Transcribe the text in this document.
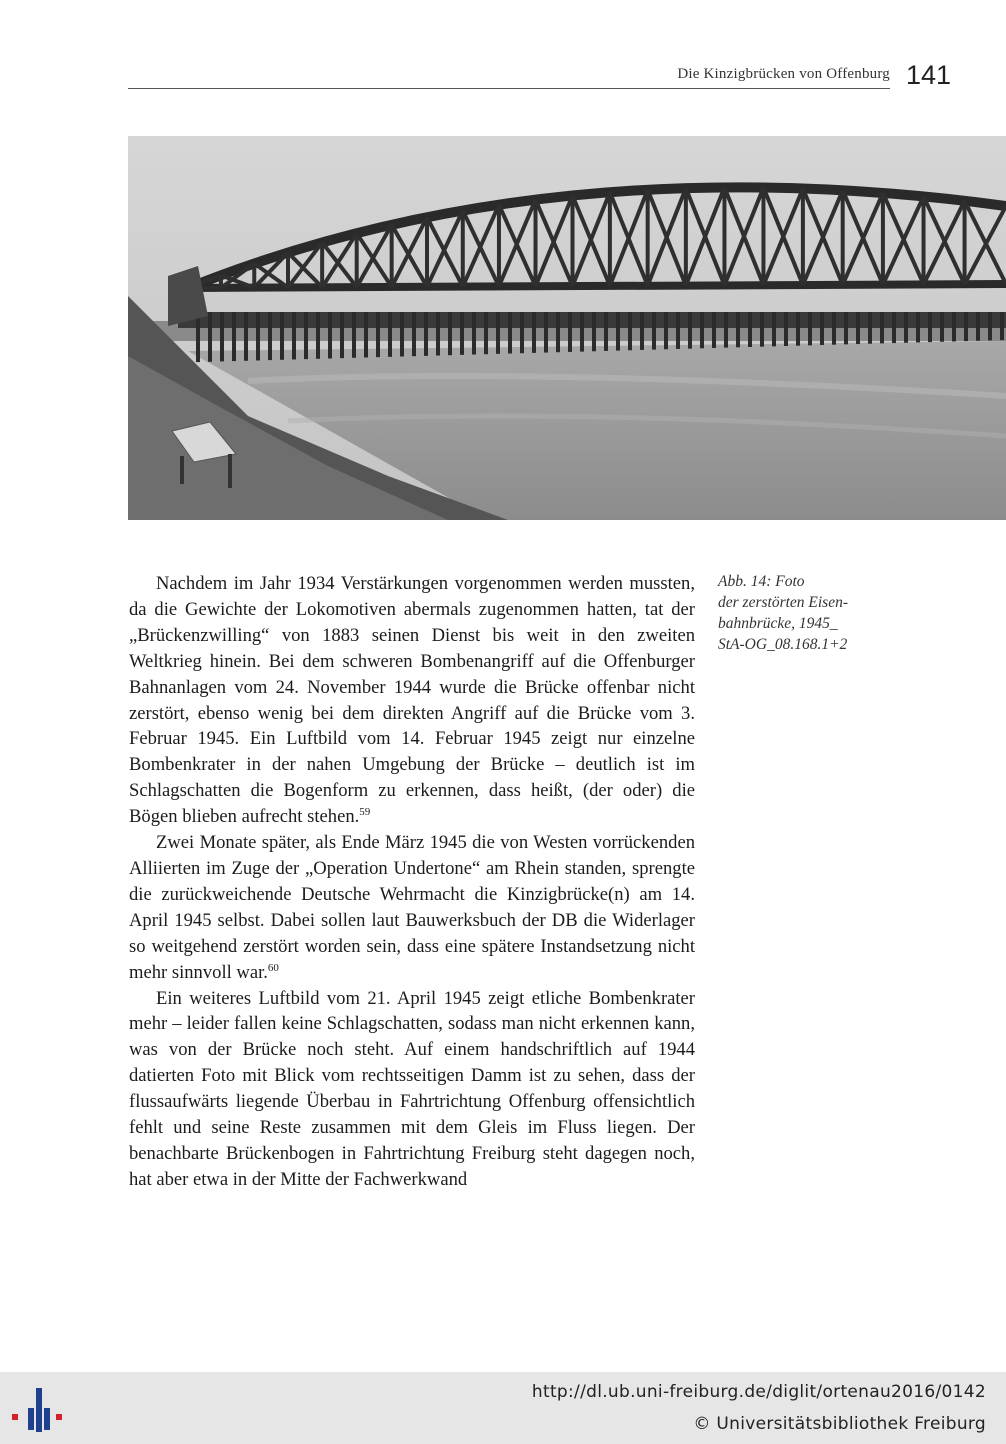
Die Kinzigbrücken von Offenburg 141

Nachdem im Jahr 1934 Verstärkungen vorgenommen werden mussten, da die Gewichte der Lokomotiven abermals zugenommen hatten, tat der „Brückenzwilling“ von 1883 seinen Dienst bis weit in den zweiten Weltkrieg hinein. Bei dem schweren Bombenangriff auf die Offenburger Bahnanlagen vom 24. November 1944 wurde die Brücke offenbar nicht zerstört, ebenso wenig bei dem direkten Angriff auf die Brücke vom 3. Februar 1945. Ein Luftbild vom 14. Februar 1945 zeigt nur einzelne Bombenkrater in der nahen Umgebung der Brücke – deutlich ist im Schlagschatten die Bogenform zu erkennen, dass heißt, (der oder) die Bögen blieben aufrecht stehen.$^{59}$

Zwei Monate später, als Ende März 1945 die von Westen vorrückenden Alliierten im Zuge der „Operation Undertone“ am Rhein standen, sprengte die zurückweichende Deutsche Wehrmacht die Kinzigbrücke(n) am 14. April 1945 selbst. Dabei sollen laut Bauwerksbuch der DB die Widerlager so weitgehend zerstört worden sein, dass eine spätere Instandsetzung nicht mehr sinnvoll war.$^{60}$

Ein weiteres Luftbild vom 21. April 1945 zeigt etliche Bombenkrater mehr – leider fallen keine Schlagschatten, sodass man nicht erkennen kann, was von der Brücke noch steht. Auf einem handschriftlich auf 1944 datierten Foto mit Blick vom rechtsseitigen Damm ist zu sehen, dass der flussaufwärts liegende Überbau in Fahrtrichtung Offenburg offensichtlich fehlt und seine Reste zusammen mit dem Gleis im Fluss liegen. Der benachbarte Brückenbogen in Fahrtrichtung Freiburg steht dagegen noch, hat aber etwa in der Mitte der Fachwerkwand

Abb. 14: Foto
der zerstörten Eisen-
bahnbrücke, 1945_
StA-OG_08.168.1+2
http://dl.ub.uni-freiburg.de/diglit/ortenau2016/0142
© Universitätsbibliothek Freiburg
